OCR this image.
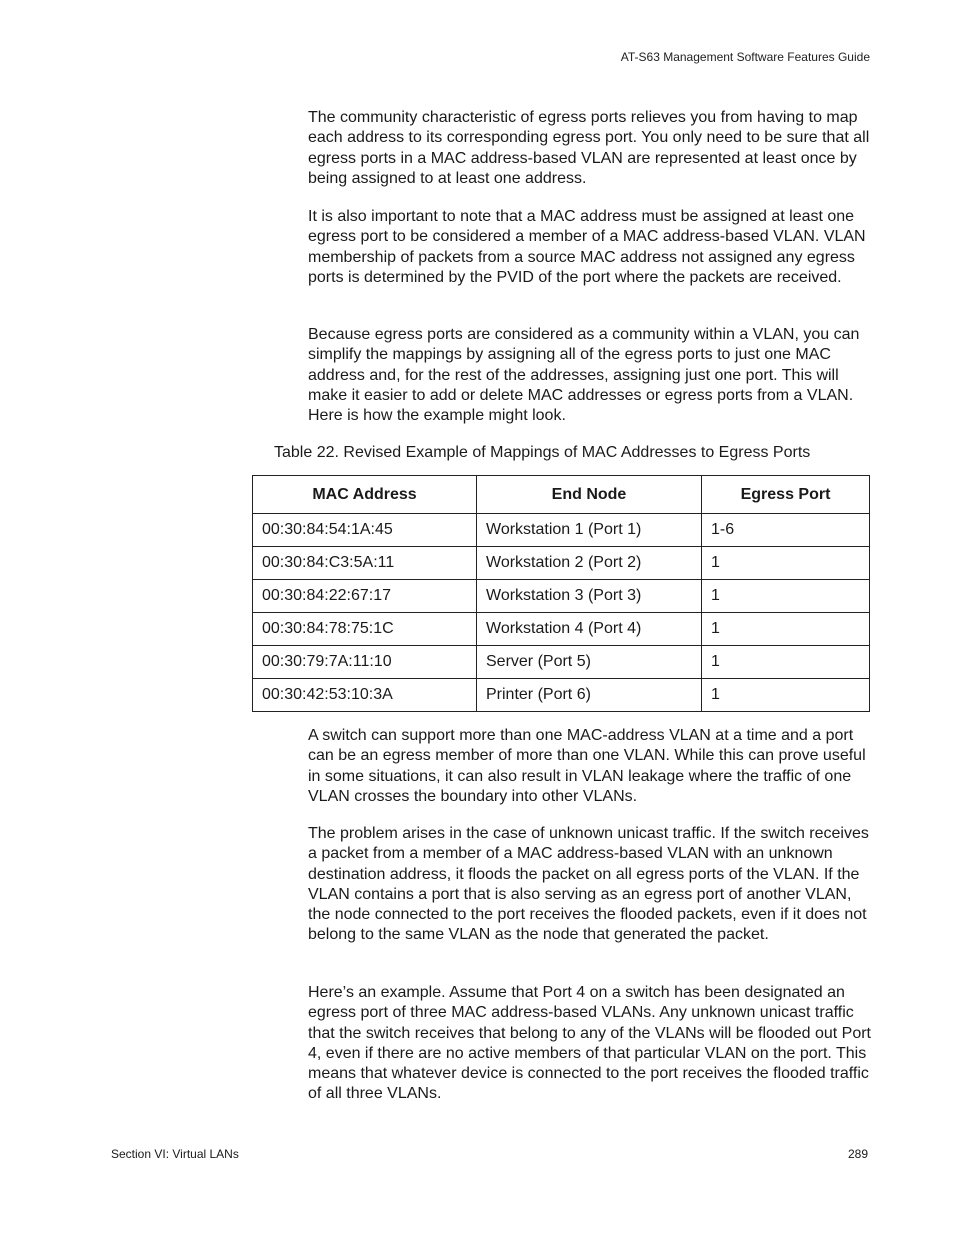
AT-S63 Management Software Features Guide

The community characteristic of egress ports relieves you from having to map each address to its corresponding egress port. You only need to be sure that all egress ports in a MAC address-based VLAN are represented at least once by being assigned to at least one address.

It is also important to note that a MAC address must be assigned at least one egress port to be considered a member of a MAC address-based VLAN. VLAN membership of packets from a source MAC address not assigned any egress ports is determined by the PVID of the port where the packets are received.

Because egress ports are considered as a community within a VLAN, you can simplify the mappings by assigning all of the egress ports to just one MAC address and, for the rest of the addresses, assigning just one port. This will make it easier to add or delete MAC addresses or egress ports from a VLAN. Here is how the example might look.

Table 22. Revised Example of Mappings of MAC Addresses to Egress Ports
MAC Address	End Node	Egress Port
00:30:84:54:1A:45	Workstation 1 (Port 1)	1-6
00:30:84:C3:5A:11	Workstation 2 (Port 2)	1
00:30:84:22:67:17	Workstation 3 (Port 3)	1
00:30:84:78:75:1C	Workstation 4 (Port 4)	1
00:30:79:7A:11:10	Server (Port 5)	1
00:30:42:53:10:3A	Printer (Port 6)	1

A switch can support more than one MAC-address VLAN at a time and a port can be an egress member of more than one VLAN. While this can prove useful in some situations, it can also result in VLAN leakage where the traffic of one VLAN crosses the boundary into other VLANs.

The problem arises in the case of unknown unicast traffic. If the switch receives a packet from a member of a MAC address-based VLAN with an unknown destination address, it floods the packet on all egress ports of the VLAN. If the VLAN contains a port that is also serving as an egress port of another VLAN, the node connected to the port receives the flooded packets, even if it does not belong to the same VLAN as the node that generated the packet.

Here’s an example. Assume that Port 4 on a switch has been designated an egress port of three MAC address-based VLANs. Any unknown unicast traffic that the switch receives that belong to any of the VLANs will be flooded out Port 4, even if there are no active members of that particular VLAN on the port. This means that whatever device is connected to the port receives the flooded traffic of all three VLANs.

Section VI: Virtual LANs	289
